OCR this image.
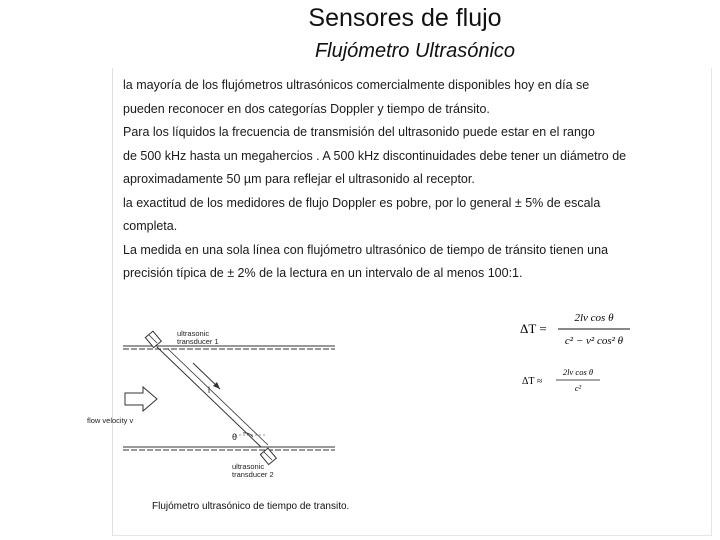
Sensores de flujo
Flujómetro Ultrasónico
la mayoría de los flujómetros ultrasónicos comercialmente disponibles hoy en día se
pueden reconocer en dos categorías Doppler y tiempo de tránsito.
Para los líquidos la frecuencia de transmisión del ultrasonido puede estar en el rango
de 500 kHz hasta un megahercios . A 500 kHz discontinuidades debe tener un diámetro de
aproximadamente 50 µm para reflejar el ultrasonido al receptor.
la exactitud de los medidores de flujo Doppler es pobre, por lo general ± 5% de escala
completa.
La medida en una sola línea con flujómetro ultrasónico de tiempo de tránsito tienen una
precisión típica de ± 2% de la lectura en un intervalo de al menos 100:1.
ultrasonic
transducer 1
ultrasonic
transducer 2
flow velocity v
l
θ
Flujómetro ultrasónico de tiempo de transito.
ΔT =
2lv cos θ
c² − v² cos² θ
ΔT ≈
2lv cos θ
c²
